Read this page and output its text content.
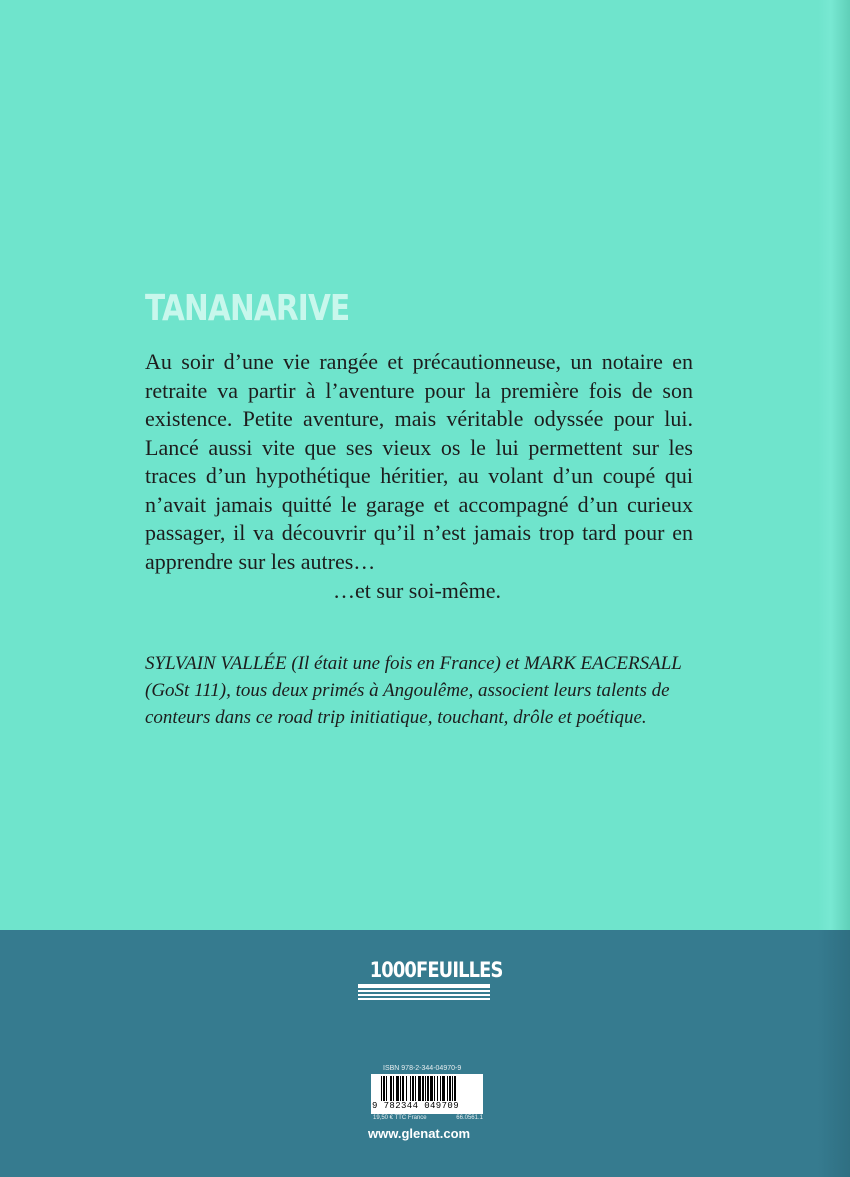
TANANARIVE

Au soir d’une vie rangée et précautionneuse, un notaire en retraite va partir à l’aventure pour la première fois de son existence. Petite aventure, mais véritable odyssée pour lui. Lancé aussi vite que ses vieux os le lui permettent sur les traces d’un hypothétique héritier, au volant d’un coupé qui n’avait jamais quitté le garage et accompagné d’un curieux passager, il va découvrir qu’il n’est jamais trop tard pour en apprendre sur les autres…

…et sur soi-même.
SYLVAIN VALLÉE (Il était une fois en France) et MARK EACERSALL (GoSt 111), tous deux primés à Angoulême, associent leurs talents de conteurs dans ce road trip initiatique, touchant, drôle et poétique.
1000FEUILLES
ISBN 978-2-344-04970-9
9 782344 049709
19,50 € TTC France	66.0561.1
www.glenat.com
